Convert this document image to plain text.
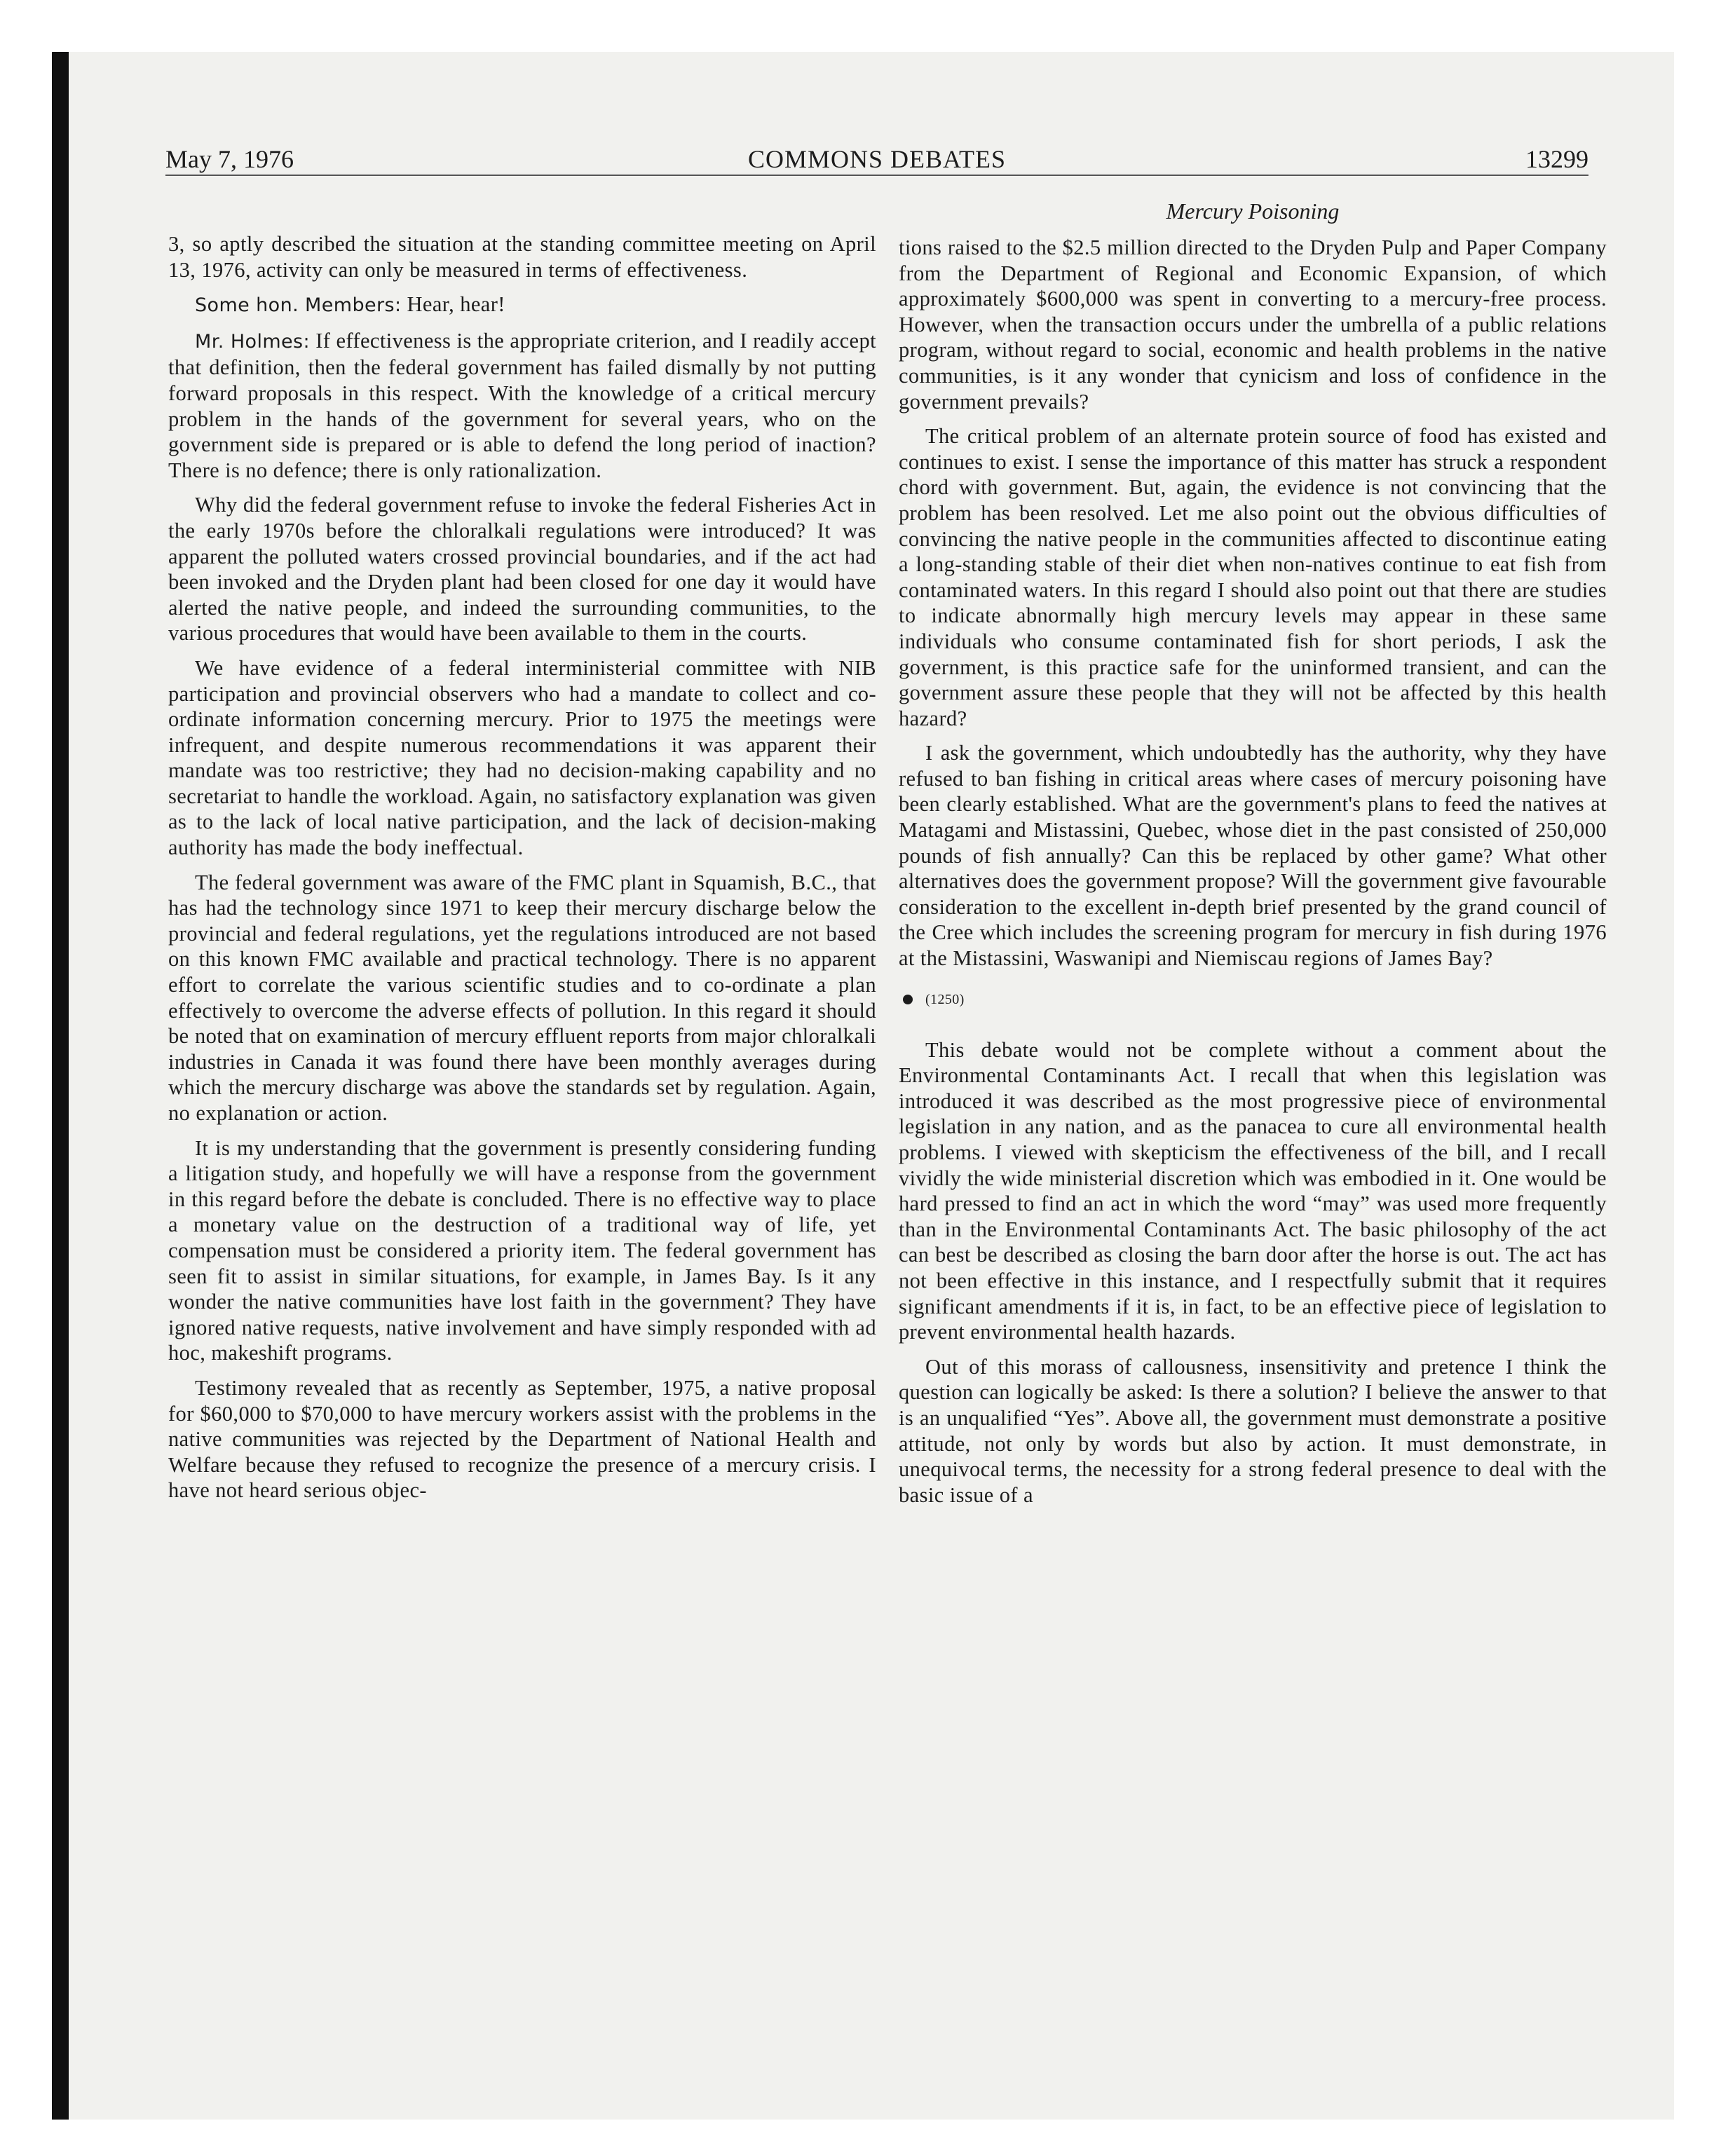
May 7, 1976	COMMONS DEBATES	13299
Mercury Poisoning

3, so aptly described the situation at the standing committee meeting on April 13, 1976, activity can only be measured in terms of effectiveness.

Some hon. Members: Hear, hear!

Mr. Holmes: If effectiveness is the appropriate criterion, and I readily accept that definition, then the federal government has failed dismally by not putting forward proposals in this respect. With the knowledge of a critical mercury problem in the hands of the government for several years, who on the government side is prepared or is able to defend the long period of inaction? There is no defence; there is only rationalization.

Why did the federal government refuse to invoke the federal Fisheries Act in the early 1970s before the chloralkali regulations were introduced? It was apparent the polluted waters crossed provincial boundaries, and if the act had been invoked and the Dryden plant had been closed for one day it would have alerted the native people, and indeed the surrounding communities, to the various procedures that would have been available to them in the courts.

We have evidence of a federal interministerial committee with NIB participation and provincial observers who had a mandate to collect and co-ordinate information concerning mercury. Prior to 1975 the meetings were infrequent, and despite numerous recommendations it was apparent their mandate was too restrictive; they had no decision-making capability and no secretariat to handle the workload. Again, no satisfactory explanation was given as to the lack of local native participation, and the lack of decision-making authority has made the body ineffectual.

The federal government was aware of the FMC plant in Squamish, B.C., that has had the technology since 1971 to keep their mercury discharge below the provincial and federal regulations, yet the regulations introduced are not based on this known FMC available and practical technology. There is no apparent effort to correlate the various scientific studies and to co-ordinate a plan effectively to overcome the adverse effects of pollution. In this regard it should be noted that on examination of mercury effluent reports from major chloralkali industries in Canada it was found there have been monthly averages during which the mercury discharge was above the standards set by regulation. Again, no explanation or action.

It is my understanding that the government is presently considering funding a litigation study, and hopefully we will have a response from the government in this regard before the debate is concluded. There is no effective way to place a monetary value on the destruction of a traditional way of life, yet compensation must be considered a priority item. The federal government has seen fit to assist in similar situations, for example, in James Bay. Is it any wonder the native communities have lost faith in the government? They have ignored native requests, native involvement and have simply responded with ad hoc, makeshift programs.

Testimony revealed that as recently as September, 1975, a native proposal for $60,000 to $70,000 to have mercury workers assist with the problems in the native communities was rejected by the Department of National Health and Welfare because they refused to recognize the presence of a mercury crisis. I have not heard serious objec-

tions raised to the $2.5 million directed to the Dryden Pulp and Paper Company from the Department of Regional and Economic Expansion, of which approximately $600,000 was spent in converting to a mercury-free process. However, when the transaction occurs under the umbrella of a public relations program, without regard to social, economic and health problems in the native communities, is it any wonder that cynicism and loss of confidence in the government prevails?

The critical problem of an alternate protein source of food has existed and continues to exist. I sense the importance of this matter has struck a respondent chord with government. But, again, the evidence is not convincing that the problem has been resolved. Let me also point out the obvious difficulties of convincing the native people in the communities affected to discontinue eating a long-standing stable of their diet when non-natives continue to eat fish from contaminated waters. In this regard I should also point out that there are studies to indicate abnormally high mercury levels may appear in these same individuals who consume contaminated fish for short periods, I ask the government, is this practice safe for the uninformed transient, and can the government assure these people that they will not be affected by this health hazard?

I ask the government, which undoubtedly has the authority, why they have refused to ban fishing in critical areas where cases of mercury poisoning have been clearly established. What are the government's plans to feed the natives at Matagami and Mistassini, Quebec, whose diet in the past consisted of 250,000 pounds of fish annually? Can this be replaced by other game? What other alternatives does the government propose? Will the government give favourable consideration to the excellent in-depth brief presented by the grand council of the Cree which includes the screening program for mercury in fish during 1976 at the Mistassini, Waswanipi and Niemiscau regions of James Bay?

(1250)

This debate would not be complete without a comment about the Environmental Contaminants Act. I recall that when this legislation was introduced it was described as the most progressive piece of environmental legislation in any nation, and as the panacea to cure all environmental health problems. I viewed with skepticism the effectiveness of the bill, and I recall vividly the wide ministerial discretion which was embodied in it. One would be hard pressed to find an act in which the word “may” was used more frequently than in the Environmental Contaminants Act. The basic philosophy of the act can best be described as closing the barn door after the horse is out. The act has not been effective in this instance, and I respectfully submit that it requires significant amendments if it is, in fact, to be an effective piece of legislation to prevent environmental health hazards.

Out of this morass of callousness, insensitivity and pretence I think the question can logically be asked: Is there a solution? I believe the answer to that is an unqualified “Yes”. Above all, the government must demonstrate a positive attitude, not only by words but also by action. It must demonstrate, in unequivocal terms, the necessity for a strong federal presence to deal with the basic issue of a
